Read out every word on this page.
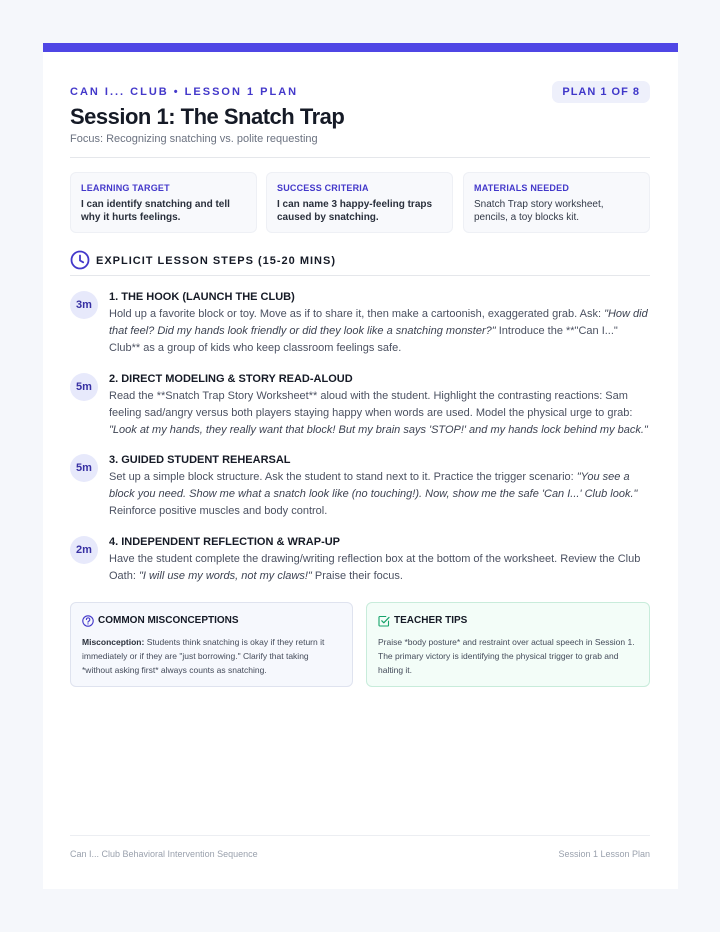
CAN I... CLUB • LESSON 1 PLAN	PLAN 1 OF 8
Session 1: The Snatch Trap
Focus: Recognizing snatching vs. polite requesting
LEARNING TARGET
I can identify snatching and tell why it hurts feelings.
SUCCESS CRITERIA
I can name 3 happy-feeling traps caused by snatching.
MATERIALS NEEDED
Snatch Trap story worksheet, pencils, a toy blocks kit.
EXPLICIT LESSON STEPS (15-20 MINS)
3m

1. THE HOOK (LAUNCH THE CLUB)

Hold up a favorite block or toy. Move as if to share it, then make a cartoonish, exaggerated grab. Ask: "How did that feel? Did my hands look friendly or did they look like a snatching monster?" Introduce the **"Can I..." Club** as a group of kids who keep classroom feelings safe.

5m

2. DIRECT MODELING & STORY READ-ALOUD

Read the **Snatch Trap Story Worksheet** aloud with the student. Highlight the contrasting reactions: Sam feeling sad/angry versus both players staying happy when words are used. Model the physical urge to grab: "Look at my hands, they really want that block! But my brain says 'STOP!' and my hands lock behind my back."

5m

3. GUIDED STUDENT REHEARSAL

Set up a simple block structure. Ask the student to stand next to it. Practice the trigger scenario: "You see a block you need. Show me what a snatch look like (no touching!). Now, show me the safe 'Can I...' Club look." Reinforce positive muscles and body control.

2m

4. INDEPENDENT REFLECTION & WRAP-UP

Have the student complete the drawing/writing reflection box at the bottom of the worksheet. Review the Club Oath: "I will use my words, not my claws!" Praise their focus.

COMMON MISCONCEPTIONS
Misconception: Students think snatching is okay if they return it immediately or if they are "just borrowing." Clarify that taking *without asking first* always counts as snatching.
TEACHER TIPS
Praise *body posture* and restraint over actual speech in Session 1. The primary victory is identifying the physical trigger to grab and halting it.
Can I... Club Behavioral Intervention Sequence	Session 1 Lesson Plan
